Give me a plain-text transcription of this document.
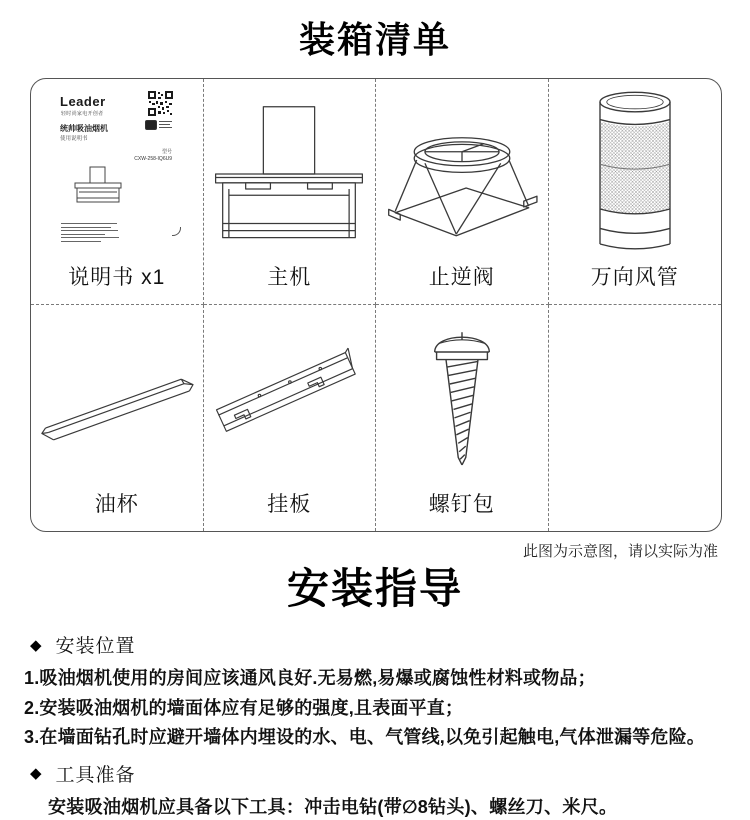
装箱清单
Leader
轻时尚家电开创者
统帅吸油烟机
使用说明书
型号
CXW-258-IQ6U9
说明书 x1	主机	止逆阀	万向风管
油杯	挂板	螺钉包
此图为示意图，请以实际为准
安装指导
◆ 安装位置
1.吸油烟机使用的房间应该通风良好.无易燃,易爆或腐蚀性材料或物品；
2.安装吸油烟机的墙面体应有足够的强度,且表面平直；
3.在墙面钻孔时应避开墙体内埋设的水、电、气管线,以免引起触电,气体泄漏等危险。
◆ 工具准备
安装吸油烟机应具备以下工具：冲击电钻(带∅8钻头)、螺丝刀、米尺。
